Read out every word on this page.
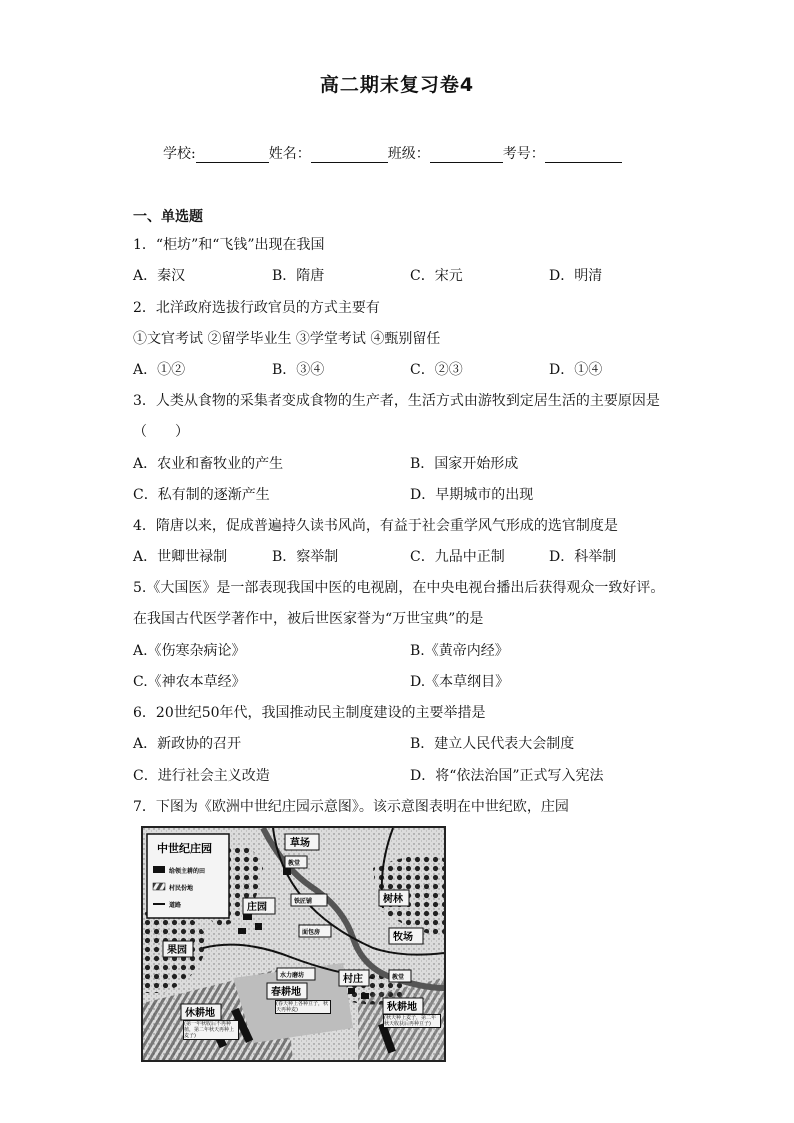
高二期末复习卷4
学校:	姓名：	班级：	考号：
一、单选题
1．“柜坊”和“飞钱”出现在我国
A．秦汉	B．隋唐	C．宋元	D．明清
2．北洋政府选拔行政官员的方式主要有
①文官考试 ②留学毕业生 ③学堂考试 ④甄别留任
A．①②	B．③④	C．②③	D．①④
3．人类从食物的采集者变成食物的生产者，生活方式由游牧到定居生活的主要原因是
（　　）
A．农业和畜牧业的产生	B．国家开始形成
C．私有制的逐渐产生	D．早期城市的出现
4．隋唐以来，促成普遍持久读书风尚，有益于社会重学风气形成的选官制度是
A．世卿世禄制	B．察举制	C．九品中正制	D．科举制
5.《大国医》是一部表现我国中医的电视剧，在中央电视台播出后获得观众一致好评。
在我国古代医学著作中，被后世医家誉为“万世宝典”的是
A.《伤寒杂病论》	B.《黄帝内经》
C.《神农本草经》	D.《本草纲目》
6．20世纪50年代，我国推动民主制度建设的主要举措是
A．新政协的召开	B．建立人民代表大会制度
C．进行社会主义改造	D．将“依法治国”正式写入宪法
7．下图为《欧洲中世纪庄园示意图》。该示意图表明在中世纪欧，庄园
中世纪庄园
给领主耕的田
村民份地
道路
草场
教堂
铁匠铺
庄园
面包房
树林
牧场
果园
水力磨坊	村庄	教堂
春耕地
(春天种上各种豆子，秋天再种麦)
休耕地
(第一年秋收后不再种植，第二年秋天再种上麦子)
秋耕地
(秋天种上麦子，第二年秋天收获后再种豆子)
